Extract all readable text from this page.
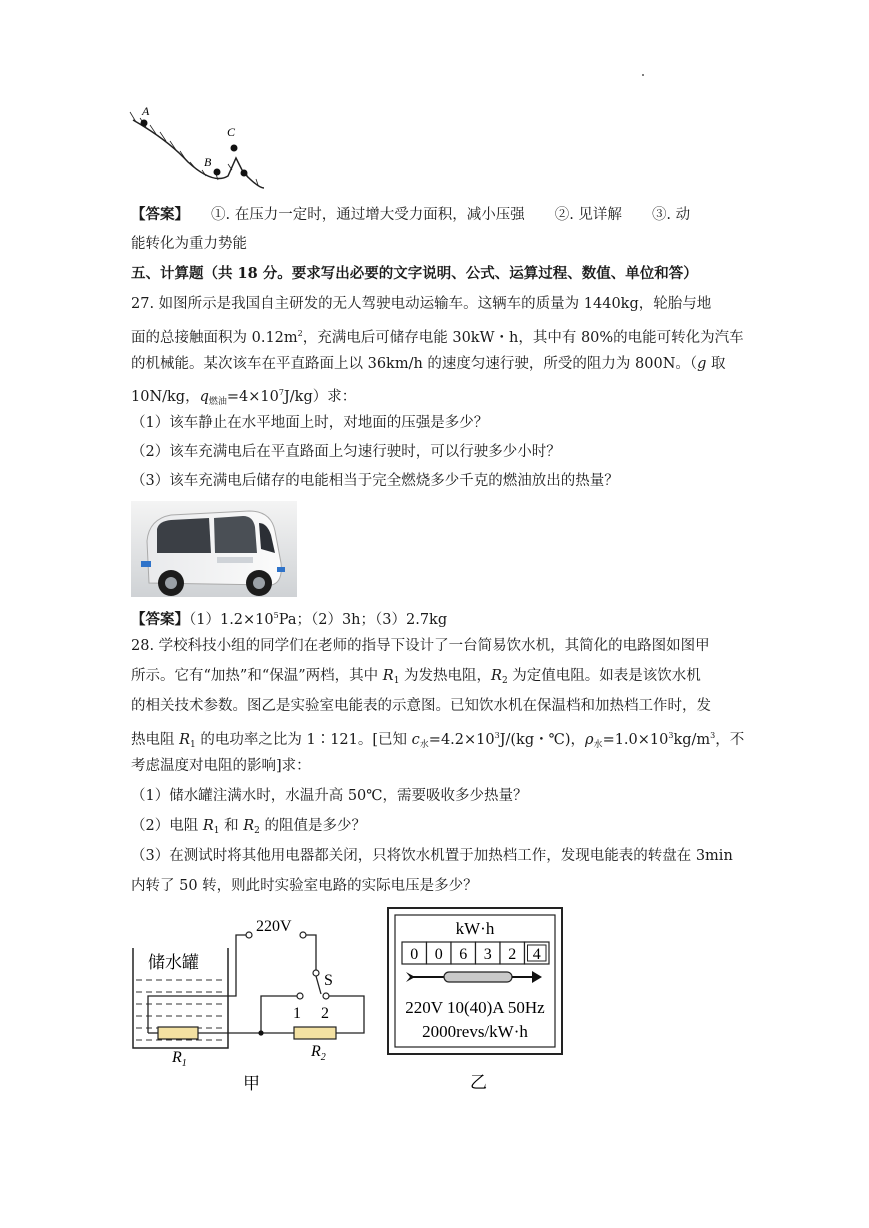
A
B
C
【答案】 ①. 在压力一定时，通过增大受力面积，减小压强 ②. 见详解 ③. 动
能转化为重力势能
五、计算题（共 18 分。要求写出必要的文字说明、公式、运算过程、数值、单位和答）
27. 如图所示是我国自主研发的无人驾驶电动运输车。这辆车的质量为 1440kg，轮胎与地
面的总接触面积为 $0.12m^2$，充满电后可储存电能 30kW・h，其中有 80%的电能可转化为汽车
的机械能。某次该车在平直路面上以 36km/h 的速度匀速行驶，所受的阻力为 800N。（g 取
10N/kg，$q_{燃油}=4\times 10^7J/kg$）求：
（1）该车静止在水平地面上时，对地面的压强是多少？
（2）该车充满电后在平直路面上匀速行驶时，可以行驶多少小时？
（3）该车充满电后储存的电能相当于完全燃烧多少千克的燃油放出的热量？
【答案】$(1)1.2\times 10^5Pa$；（2）3h；（3）2.7kg
28. 学校科技小组的同学们在老师的指导下设计了一台简易饮水机，其简化的电路图如图甲
所示。它有“加热”和“保温”两档，其中 $R_1$ 为发热电阻，$R_2$ 为定值电阻。如表是该饮水机
的相关技术参数。图乙是实验室电能表的示意图。已知饮水机在保温档和加热档工作时，发
热电阻 $R_1$ 的电功率之比为 1∶121。[已知 $c_水=4.2\times 10^3J/(kg$・℃)，$\rho_水=1.0\times 10^3kg/m^3$，不
考虑温度对电阻的影响]求：
（1）储水罐注满水时，水温升高 50℃，需要吸收多少热量？
（2）电阻 $R_1$ 和 $R_2$ 的阻值是多少？
（3）在测试时将其他用电器都关闭，只将饮水机置于加热档工作，发现电能表的转盘在 3min
内转了 50 转，则此时实验室电路的实际电压是多少？
储水罐
220V
S
1 2
$R_1$
$R_2$
甲
kW·h
0 0 6 3 2 4
220V 10(40)A 50Hz
2000revs/kW·h
乙
